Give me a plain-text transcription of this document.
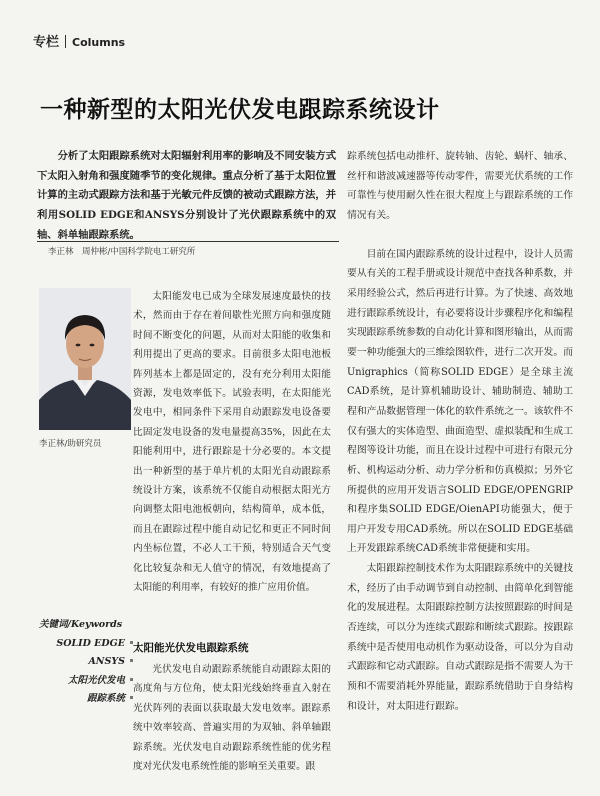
专栏 Columns
一种新型的太阳光伏发电跟踪系统设计

分析了太阳跟踪系统对太阳辐射利用率的影响及不同安装方式下太阳入射角和强度随季节的变化规律。重点分析了基于太阳位置计算的主动式跟踪方法和基于光敏元件反馈的被动式跟踪方法，并利用SOLID EDGE和ANSYS分别设计了光伏跟踪系统中的双轴、斜单轴跟踪系统。

李正林　周仲彬/中国科学院电工研究所
李正林/助研究员
关键词/Keywords
SOLID EDGE
ANSYS
太阳光伏发电
跟踪系统

太阳能发电已成为全球发展速度最快的技术，然而由于存在着间歇性光照方向和强度随时间不断变化的问题，从而对太阳能的收集和利用提出了更高的要求。目前很多太阳电池板阵列基本上都是固定的，没有充分利用太阳能资源，发电效率低下。试验表明，在太阳能光发电中，相同条件下采用自动跟踪发电设备要比固定发电设备的发电量提高35%，因此在太阳能利用中，进行跟踪是十分必要的。本文提出一种新型的基于单片机的太阳光自动跟踪系统设计方案，该系统不仅能自动根据太阳光方向调整太阳电池板朝向，结构简单，成本低，而且在跟踪过程中能自动记忆和更正不同时间内坐标位置，不必人工干预，特别适合天气变化比较复杂和无人值守的情况，有效地提高了太阳能的利用率，有较好的推广应用价值。

太阳能光伏发电跟踪系统

光伏发电自动跟踪系统能自动跟踪太阳的高度角与方位角，使太阳光线始终垂直入射在光伏阵列的表面以获取最大发电效率。跟踪系统中效率较高、普遍实用的为双轴、斜单轴跟踪系统。光伏发电自动跟踪系统性能的优劣程度对光伏发电系统性能的影响至关重要。跟

踪系统包括电动推杆、旋转轴、齿轮、蜗杆、轴承、丝杆和谐波减速器等传动零件，需要光伏系统的工作可靠性与使用耐久性在很大程度上与跟踪系统的工作情况有关。

目前在国内跟踪系统的设计过程中，设计人员需要从有关的工程手册或设计规范中查找各种系数，并采用经验公式，然后再进行计算。为了快速、高效地进行跟踪系统设计，有必要将设计步骤程序化和编程实现跟踪系统参数的自动化计算和图形输出，从而需要一种功能强大的三维绘图软件，进行二次开发。而Unigraphics（简称SOLID EDGE）是全球主流CAD系统，是计算机辅助设计、辅助制造、辅助工程和产品数据管理一体化的软件系统之一。该软件不仅有强大的实体造型、曲面造型、虚拟装配和生成工程图等设计功能，而且在设计过程中可进行有限元分析、机构运动分析、动力学分析和仿真模拟；另外它所提供的应用开发语言SOLID EDGE/OPENGRIP和程序集SOLID EDGE/OienAPI功能强大，便于用户开发专用CAD系统。所以在SOLID EDGE基础上开发跟踪系统CAD系统非常便捷和实用。

太阳跟踪控制技术作为太阳跟踪系统中的关键技术，经历了由手动调节到自动控制、由简单化到智能化的发展进程。太阳跟踪控制方法按照跟踪的时间是否连续，可以分为连续式跟踪和断续式跟踪。按跟踪系统中是否使用电动机作为驱动设备，可以分为自动式跟踪和它动式跟踪。自动式跟踪是指不需要人为干预和不需要消耗外界能量，跟踪系统借助于自身结构和设计，对太阳进行跟踪。
